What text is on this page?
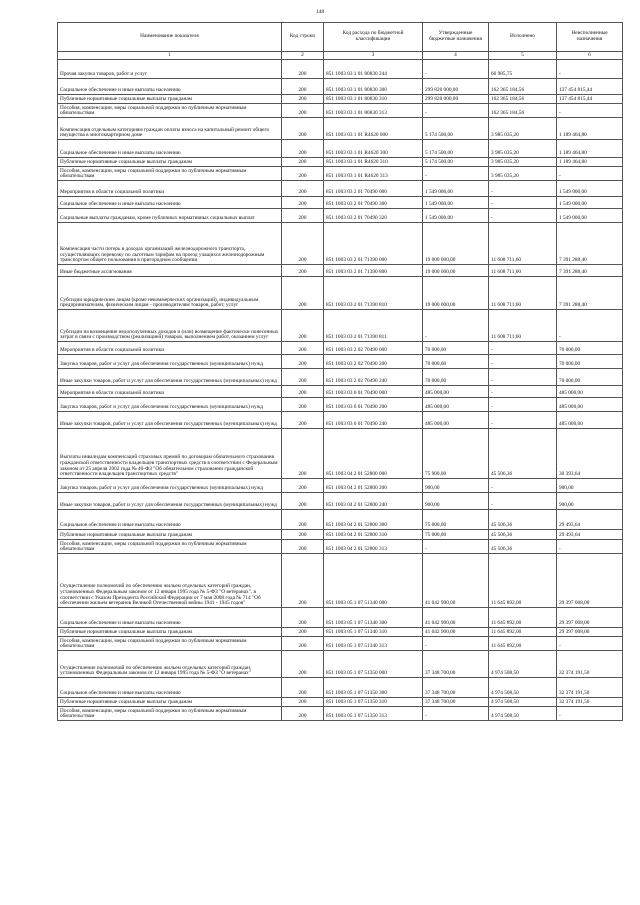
148
Наименование показателя	Код строки	Код расхода по бюджетной классификации	Утвержденные бюджетные назначения	Исполнено	Неисполненные назначения
1	2	3	4	5	6
Прочая закупка товаров, работ и услуг	200	851 1003 03 1 01 80830 244	-	66 985,75	-
Социальное обеспечение и иные выплаты населению	200	851 1003 03 1 01 80830 300	299 820 000,00	162 365 184,56	137 454 815,44
Публичные нормативные социальные выплаты гражданам	200	851 1003 03 1 01 80830 310	299 820 000,00	162 365 184,56	137 454 815,44
Пособия, компенсации, меры социальной поддержки по публичным нормативным обязательствам	200	851 1003 03 1 01 80830 313	-	162 365 184,56	-
Компенсация отдельным категориям граждан оплаты взноса на капитальный ремонт общего имущества в многоквартирном доме	200	851 1003 03 1 01 R4620 000	5 174 500,00	3 985 035,20	1 189 464,80
Социальное обеспечение и иные выплаты населению	200	851 1003 03 1 01 R4620 300	5 174 500,00	3 985 035,20	1 189 464,80
Публичные нормативные социальные выплаты гражданам	200	851 1003 03 1 01 R4620 310	5 174 500,00	3 985 035,20	1 189 464,80
Пособия, компенсации, меры социальной поддержки по публичным нормативным обязательствам	200	851 1003 03 1 01 R4620 313	-	3 985 035,20	-
Мероприятия в области социальной политики	200	851 1003 03 2 01 70490 000	1 549 000,00	-	1 549 000,00
Социальное обеспечение и иные выплаты населению	200	851 1003 03 2 01 70490 300	1 549 000,00	-	1 549 000,00
Социальные выплаты гражданам, кроме публичных нормативных социальных выплат	200	851 1003 03 2 01 70490 320	1 549 000,00	-	1 549 000,00
Компенсация части потерь в доходах организаций железнодорожного транспорта, осуществляющих перевозку по льготным тарифам на проезд учащихся железнодорожным транспортом общего пользования в пригородном сообщении	200	851 1003 03 2 01 71390 000	19 000 000,00	11 608 711,60	7 391 288,40
Иные бюджетные ассигнования	200	851 1003 03 2 01 71390 800	19 000 000,00	11 608 711,60	7 391 288,40
Субсидии юридическим лицам (кроме некоммерческих организаций), индивидуальным предпринимателям, физическим лицам - производителям товаров, работ, услуг	200	851 1003 03 2 01 71390 810	19 000 000,00	11 608 711,60	7 391 288,40
Субсидии на возмещение недополученных доходов и (или) возмещение фактически понесенных затрат в связи с производством (реализацией) товаров, выполнением работ, оказанием услуг	200	851 1003 03 2 01 71390 811	-	11 608 711,60	-
Мероприятия в области социальной политики	200	851 1003 03 2 02 70490 000	70 000,00	-	70 000,00
Закупка товаров, работ и услуг для обеспечения государственных (муниципальных) нужд	200	851 1003 03 2 02 70490 200	70 000,00	-	70 000,00
Иные закупки товаров, работ и услуг для обеспечения государственных (муниципальных) нужд	200	851 1003 03 2 02 70490 240	70 000,00	-	70 000,00
Мероприятия в области социальной политики	200	851 1003 03 6 01 70490 000	485 000,00	-	485 000,00
Закупка товаров, работ и услуг для обеспечения государственных (муниципальных) нужд	200	851 1003 03 6 01 70490 200	485 000,00	-	485 000,00
Иные закупки товаров, работ и услуг для обеспечения государственных (муниципальных) нужд	200	851 1003 03 6 01 70490 240	485 000,00	-	485 000,00
Выплаты инвалидам компенсаций страховых премий по договорам обязательного страхования гражданской ответственности владельцев транспортных средств в соответствии с Федеральным законом от 25 апреля 2002 года № 40-ФЗ "Об обязательном страховании гражданской ответственности владельцев транспортных средств"	200	851 1003 04 2 01 52800 000	75 900,00	45 506,36	30 393,64
Закупка товаров, работ и услуг для обеспечения государственных (муниципальных) нужд	200	851 1003 04 2 01 52800 200	900,00	-	900,00
Иные закупки товаров, работ и услуг для обеспечения государственных (муниципальных) нужд	200	851 1003 04 2 01 52800 240	900,00	-	900,00
Социальное обеспечение и иные выплаты населению	200	851 1003 04 2 01 52800 300	75 000,00	45 506,36	29 493,64
Публичные нормативные социальные выплаты гражданам	200	851 1003 04 2 01 52800 310	75 000,00	45 506,36	29 493,64
Пособия, компенсации, меры социальной поддержки по публичным нормативным обязательствам	200	851 1003 04 2 01 52800 313	-	45 506,36	-
Осуществление полномочий по обеспечению жильем отдельных категорий граждан, установленных Федеральным законом от 12 января 1995 года № 5-ФЗ "О ветеранах", в соответствии с Указом Президента Российской Федерации от 7 мая 2008 года № 714 "Об обеспечении жильем ветеранов Великой Отечественной войны 1941 - 1945 годов"	200	851 1003 05 1 07 51340 000	41 042 900,00	11 645 892,00	29 397 008,00
Социальное обеспечение и иные выплаты населению	200	851 1003 05 1 07 51340 300	41 042 900,00	11 645 892,00	29 397 008,00
Публичные нормативные социальные выплаты гражданам	200	851 1003 05 1 07 51340 310	41 042 900,00	11 645 892,00	29 397 008,00
Пособия, компенсации, меры социальной поддержки по публичным нормативным обязательствам	200	851 1003 05 1 07 51340 313	-	11 645 892,00	-
Осуществление полномочий по обеспечению жильем отдельных категорий граждан, установленных Федеральным законом от 12 января 1995 года № 5-ФЗ "О ветеранах"	200	851 1003 05 1 07 51350 000	37 348 700,00	4 974 508,50	32 374 191,50
Социальное обеспечение и иные выплаты населению	200	851 1003 05 1 07 51350 300	37 348 700,00	4 974 508,50	32 374 191,50
Публичные нормативные социальные выплаты гражданам	200	851 1003 05 1 07 51350 310	37 348 700,00	4 974 508,50	32 374 191,50
Пособия, компенсации, меры социальной поддержки по публичным нормативным обязательствам	200	851 1003 05 1 07 51350 313	-	4 974 508,50	-
